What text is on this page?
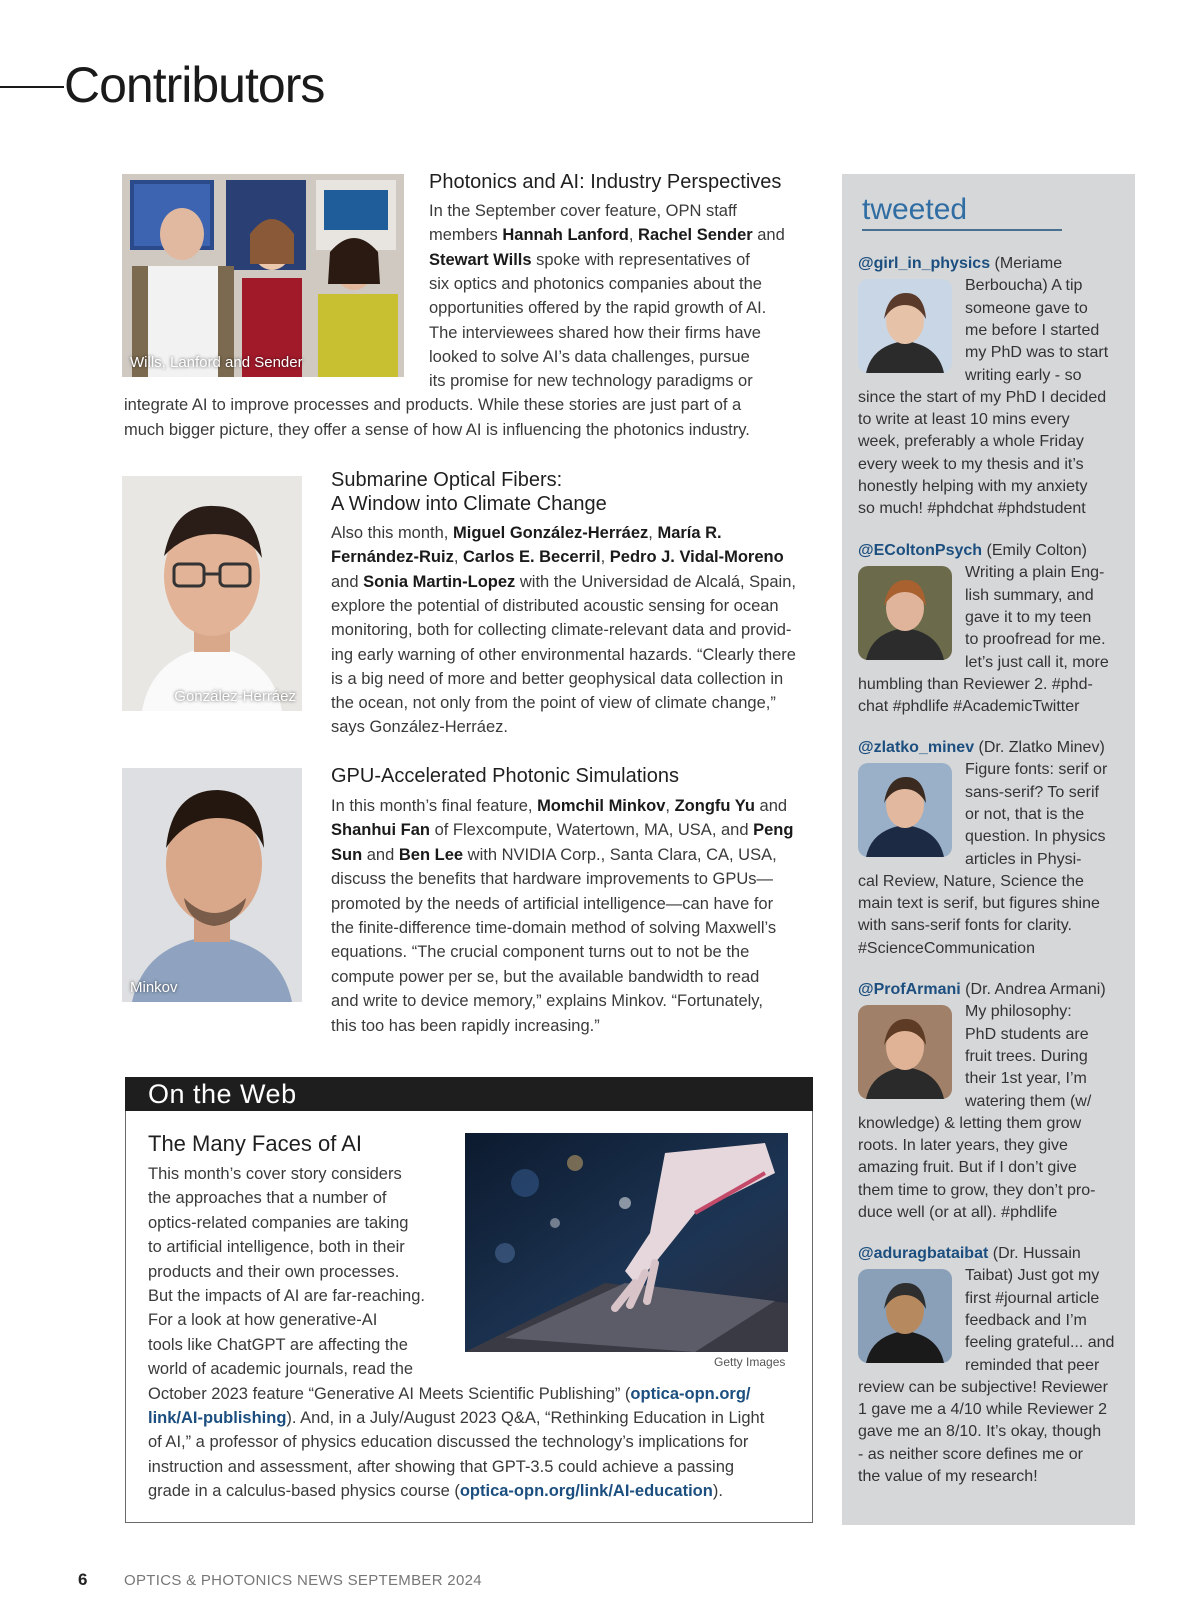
Contributors
Wills, Lanford and Sender
Photonics and AI: Industry Perspectives
In the September cover feature, OPN staff
members Hannah Lanford, Rachel Sender and
Stewart Wills spoke with representatives of
six optics and photonics companies about the
opportunities offered by the rapid growth of AI.
The interviewees shared how their firms have
looked to solve AI’s data challenges, pursue
its promise for new technology paradigms or
integrate AI to improve processes and products. While these stories are just part of a
much bigger picture, they offer a sense of how AI is influencing the photonics industry.
González-Herráez
Submarine Optical Fibers:
A Window into Climate Change
Also this month, Miguel González-Herráez, María R.
Fernández-Ruiz, Carlos E. Becerril, Pedro J. Vidal-Moreno
and Sonia Martin-Lopez with the Universidad de Alcalá, Spain,
explore the potential of distributed acoustic sensing for ocean
monitoring, both for collecting climate-relevant data and provid-
ing early warning of other environmental hazards. “Clearly there
is a big need of more and better geophysical data collection in
the ocean, not only from the point of view of climate change,”
says González-Herráez.
Minkov
GPU-Accelerated Photonic Simulations
In this month’s final feature, Momchil Minkov, Zongfu Yu and
Shanhui Fan of Flexcompute, Watertown, MA, USA, and Peng
Sun and Ben Lee with NVIDIA Corp., Santa Clara, CA, USA,
discuss the benefits that hardware improvements to GPUs—
promoted by the needs of artificial intelligence—can have for
the finite-difference time-domain method of solving Maxwell’s
equations. “The crucial component turns out to not be the
compute power per se, but the available bandwidth to read
and write to device memory,” explains Minkov. “Fortunately,
this too has been rapidly increasing.”
On the Web
The Many Faces of AI
Getty Images
This month’s cover story considers
the approaches that a number of
optics-related companies are taking
to artificial intelligence, both in their
products and their own processes.
But the impacts of AI are far-reaching.
For a look at how generative-AI
tools like ChatGPT are affecting the
world of academic journals, read the
October 2023 feature “Generative AI Meets Scientific Publishing” (optica-opn.org/
link/AI-publishing). And, in a July/August 2023 Q&A, “Rethinking Education in Light
of AI,” a professor of physics education discussed the technology’s implications for
instruction and assessment, after showing that GPT-3.5 could achieve a passing
grade in a calculus-based physics course (optica-opn.org/link/AI-education).
tweeted
@girl_in_physics (Meriame
Berboucha) A tip
someone gave to
me before I started
my PhD was to start
writing early - so
since the start of my PhD I decided
to write at least 10 mins every
week, preferably a whole Friday
every week to my thesis and it’s
honestly helping with my anxiety
so much! #phdchat #phdstudent
@EColtonPsych (Emily Colton)
Writing a plain Eng-
lish summary, and
gave it to my teen
to proofread for me.
let’s just call it, more
humbling than Reviewer 2. #phd-
chat #phdlife #AcademicTwitter
@zlatko_minev (Dr. Zlatko Minev)
Figure fonts: serif or
sans-serif? To serif
or not, that is the
question. In physics
articles in Physi-
cal Review, Nature, Science the
main text is serif, but figures shine
with sans-serif fonts for clarity.
#ScienceCommunication
@ProfArmani (Dr. Andrea Armani)
My philosophy:
PhD students are
fruit trees. During
their 1st year, I’m
watering them (w/
knowledge) & letting them grow
roots. In later years, they give
amazing fruit. But if I don’t give
them time to grow, they don’t pro-
duce well (or at all). #phdlife
@aduragbataibat (Dr. Hussain
Taibat) Just got my
first #journal article
feedback and I’m
feeling grateful... and
reminded that peer
review can be subjective! Reviewer
1 gave me a 4/10 while Reviewer 2
gave me an 8/10. It’s okay, though
- as neither score defines me or
the value of my research!
6 OPTICS & PHOTONICS NEWS SEPTEMBER 2024
